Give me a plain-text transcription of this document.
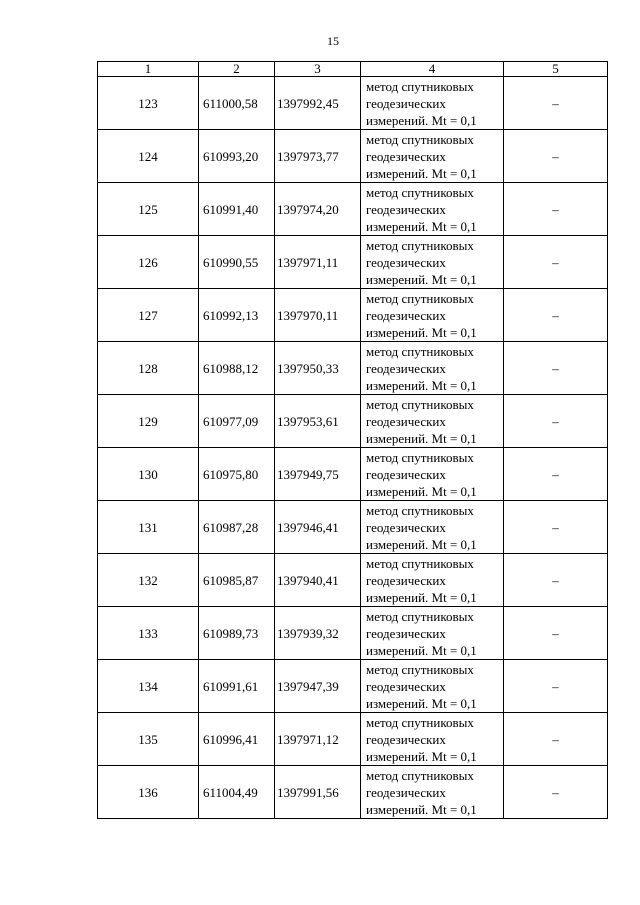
15
1	2	3	4	5
123	611000,58	1397992,45	метод спутниковых
геодезических
измерений. Mt = 0,1	–
124	610993,20	1397973,77	метод спутниковых
геодезических
измерений. Mt = 0,1	–
125	610991,40	1397974,20	метод спутниковых
геодезических
измерений. Mt = 0,1	–
126	610990,55	1397971,11	метод спутниковых
геодезических
измерений. Mt = 0,1	–
127	610992,13	1397970,11	метод спутниковых
геодезических
измерений. Mt = 0,1	–
128	610988,12	1397950,33	метод спутниковых
геодезических
измерений. Mt = 0,1	–
129	610977,09	1397953,61	метод спутниковых
геодезических
измерений. Mt = 0,1	–
130	610975,80	1397949,75	метод спутниковых
геодезических
измерений. Mt = 0,1	–
131	610987,28	1397946,41	метод спутниковых
геодезических
измерений. Mt = 0,1	–
132	610985,87	1397940,41	метод спутниковых
геодезических
измерений. Mt = 0,1	–
133	610989,73	1397939,32	метод спутниковых
геодезических
измерений. Mt = 0,1	–
134	610991,61	1397947,39	метод спутниковых
геодезических
измерений. Mt = 0,1	–
135	610996,41	1397971,12	метод спутниковых
геодезических
измерений. Mt = 0,1	–
136	611004,49	1397991,56	метод спутниковых
геодезических
измерений. Mt = 0,1	–
